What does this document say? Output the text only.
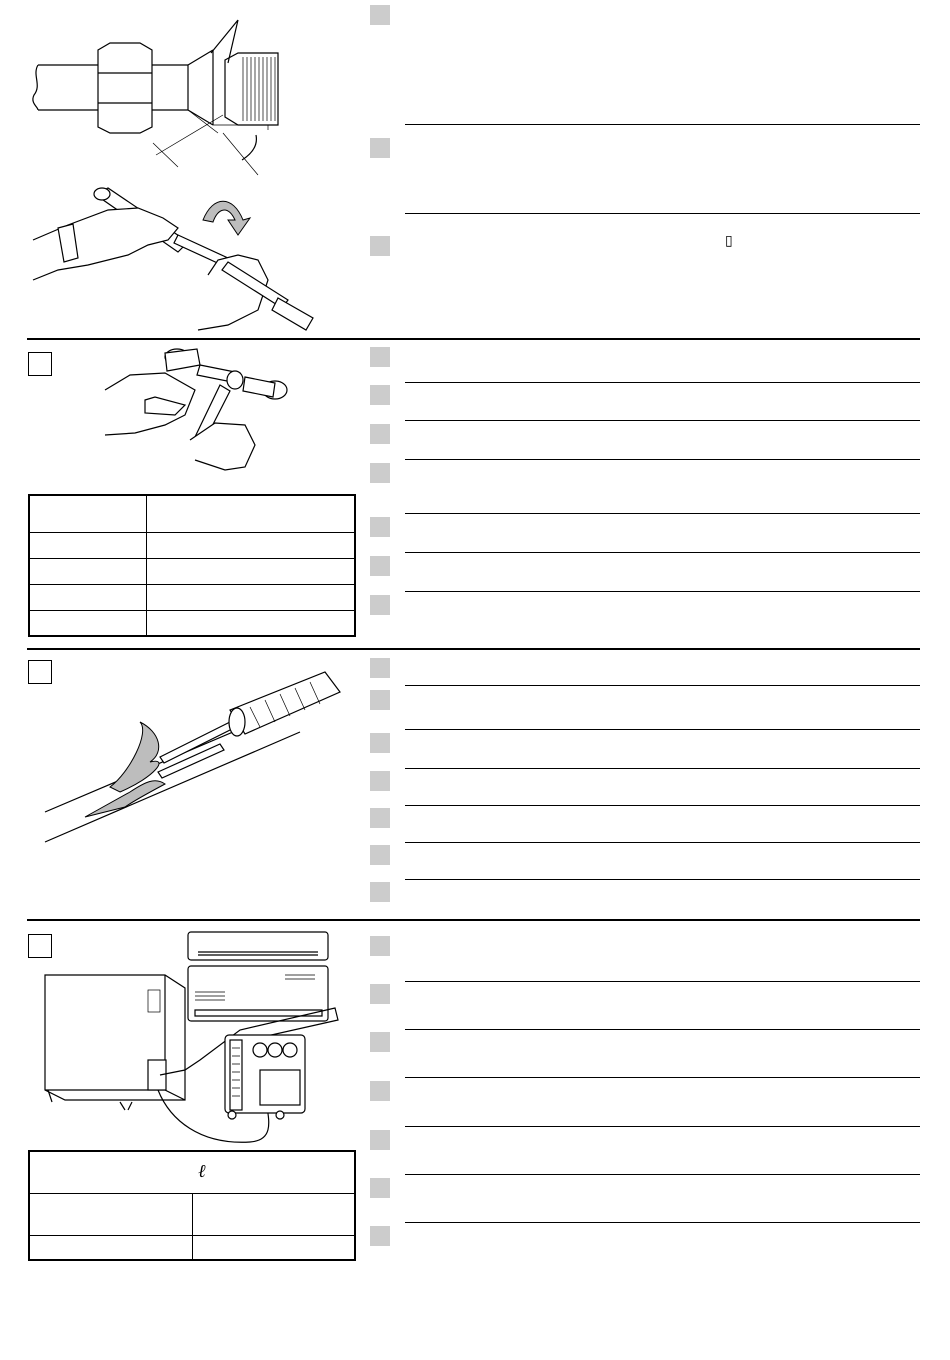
▯

ℓ	
